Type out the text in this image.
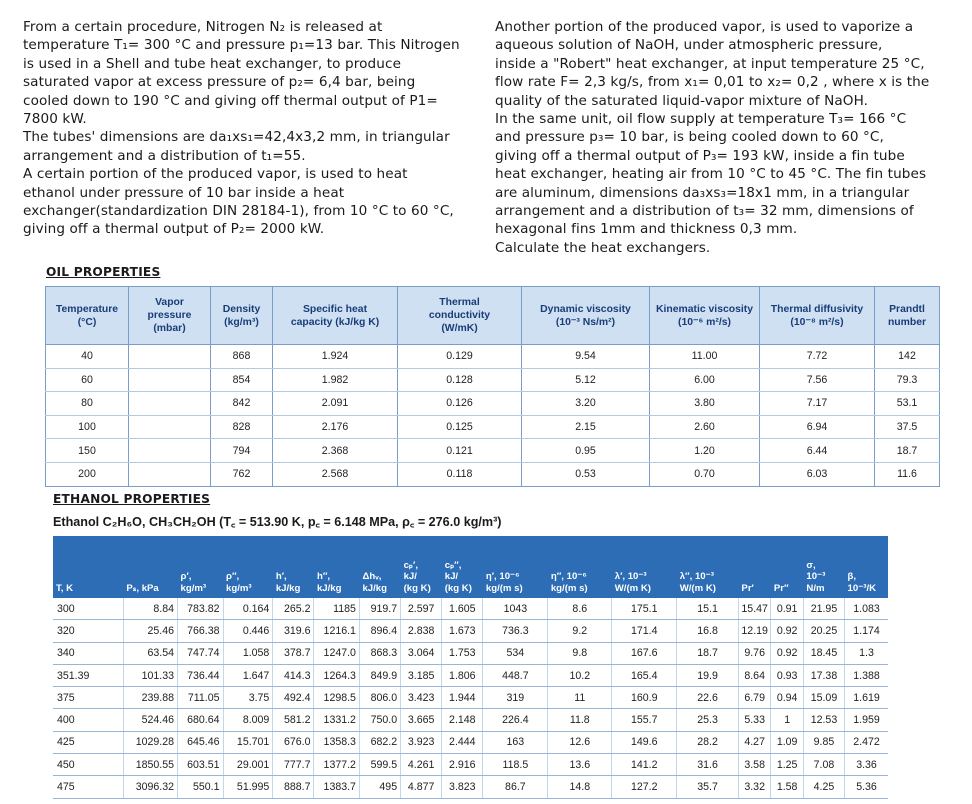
From a certain procedure, Nitrogen N₂ is released at
temperature T₁= 300 °C and pressure p₁=13 bar. This Nitrogen
is used in a Shell and tube heat exchanger, to produce
saturated vapor at excess pressure of p₂= 6,4 bar, being
cooled down to 190 °C and giving off thermal output of P1=
7800 kW.

The tubes' dimensions are da₁xs₁=42,4x3,2 mm, in triangular
arrangement and a distribution of t₁=55.

A certain portion of the produced vapor, is used to heat
ethanol under pressure of 10 bar inside a heat
exchanger(standardization DIN 28184-1), from 10 °C to 60 °C,
giving off a thermal output of P₂= 2000 kW.

Another portion of the produced vapor, is used to vaporize a
aqueous solution of NaOH, under atmospheric pressure,
inside a "Robert" heat exchanger, at input temperature 25 °C,
flow rate F= 2,3 kg/s, from x₁= 0,01 to x₂= 0,2 , where x is the
quality of the saturated liquid-vapor mixture of NaOH.

In the same unit, oil flow supply at temperature T₃= 166 °C
and pressure p₃= 10 bar, is being cooled down to 60 °C,
giving off a thermal output of P₃= 193 kW, inside a fin tube
heat exchanger, heating air from 10 °C to 45 °C. The fin tubes
are aluminum, dimensions da₃xs₃=18x1 mm, in a triangular
arrangement and a distribution of t₃= 32 mm, dimensions of
hexagonal fins 1mm and thickness 0,3 mm.
Calculate the heat exchangers.

OIL PROPERTIES
Temperature
(°C)	Vapor
pressure
(mbar)	Density
(kg/m³)	Specific heat
capacity (kJ/kg K)	Thermal
conductivity
(W/mK)	Dynamic viscosity
(10⁻³ Ns/m²)	Kinematic viscosity
(10⁻⁶ m²/s)	Thermal diffusivity
(10⁻⁸ m²/s)	Prandtl
number
40		868	1.924	0.129	9.54	11.00	7.72	142
60		854	1.982	0.128	5.12	6.00	7.56	79.3
80		842	2.091	0.126	3.20	3.80	7.17	53.1
100		828	2.176	0.125	2.15	2.60	6.94	37.5
150		794	2.368	0.121	0.95	1.20	6.44	18.7
200		762	2.568	0.118	0.53	0.70	6.03	11.6
ETHANOL PROPERTIES
Ethanol C₂H₆O, CH₃CH₂OH (T꜀ = 513.90 K, p꜀ = 6.148 MPa, ρ꜀ = 276.0 kg/m³)
T, K	Pₛ, kPa	ρ′,
kg/m³	ρ″,
kg/m³	h′,
kJ/kg	h″,
kJ/kg	Δhᵥ,
kJ/kg	cₚ′,
kJ/
(kg K)	cₚ″,
kJ/
(kg K)	η′, 10⁻⁶
kg/(m s)	η″, 10⁻⁶
kg/(m s)	λ′, 10⁻³
W/(m K)	λ″, 10⁻³
W/(m K)	Pr′	Pr″	σ,
10⁻³
N/m	β,
10⁻³/K
300	8.84	783.82	0.164	265.2	1185	919.7	2.597	1.605	1043	8.6	175.1	15.1	15.47	0.91	21.95	1.083
320	25.46	766.38	0.446	319.6	1216.1	896.4	2.838	1.673	736.3	9.2	171.4	16.8	12.19	0.92	20.25	1.174
340	63.54	747.74	1.058	378.7	1247.0	868.3	3.064	1.753	534	9.8	167.6	18.7	9.76	0.92	18.45	1.3
351.39	101.33	736.44	1.647	414.3	1264.3	849.9	3.185	1.806	448.7	10.2	165.4	19.9	8.64	0.93	17.38	1.388
375	239.88	711.05	3.75	492.4	1298.5	806.0	3.423	1.944	319	11	160.9	22.6	6.79	0.94	15.09	1.619
400	524.46	680.64	8.009	581.2	1331.2	750.0	3.665	2.148	226.4	11.8	155.7	25.3	5.33	1	12.53	1.959
425	1029.28	645.46	15.701	676.0	1358.3	682.2	3.923	2.444	163	12.6	149.6	28.2	4.27	1.09	9.85	2.472
450	1850.55	603.51	29.001	777.7	1377.2	599.5	4.261	2.916	118.5	13.6	141.2	31.6	3.58	1.25	7.08	3.36
475	3096.32	550.1	51.995	888.7	1383.7	495	4.877	3.823	86.7	14.8	127.2	35.7	3.32	1.58	4.25	5.36
